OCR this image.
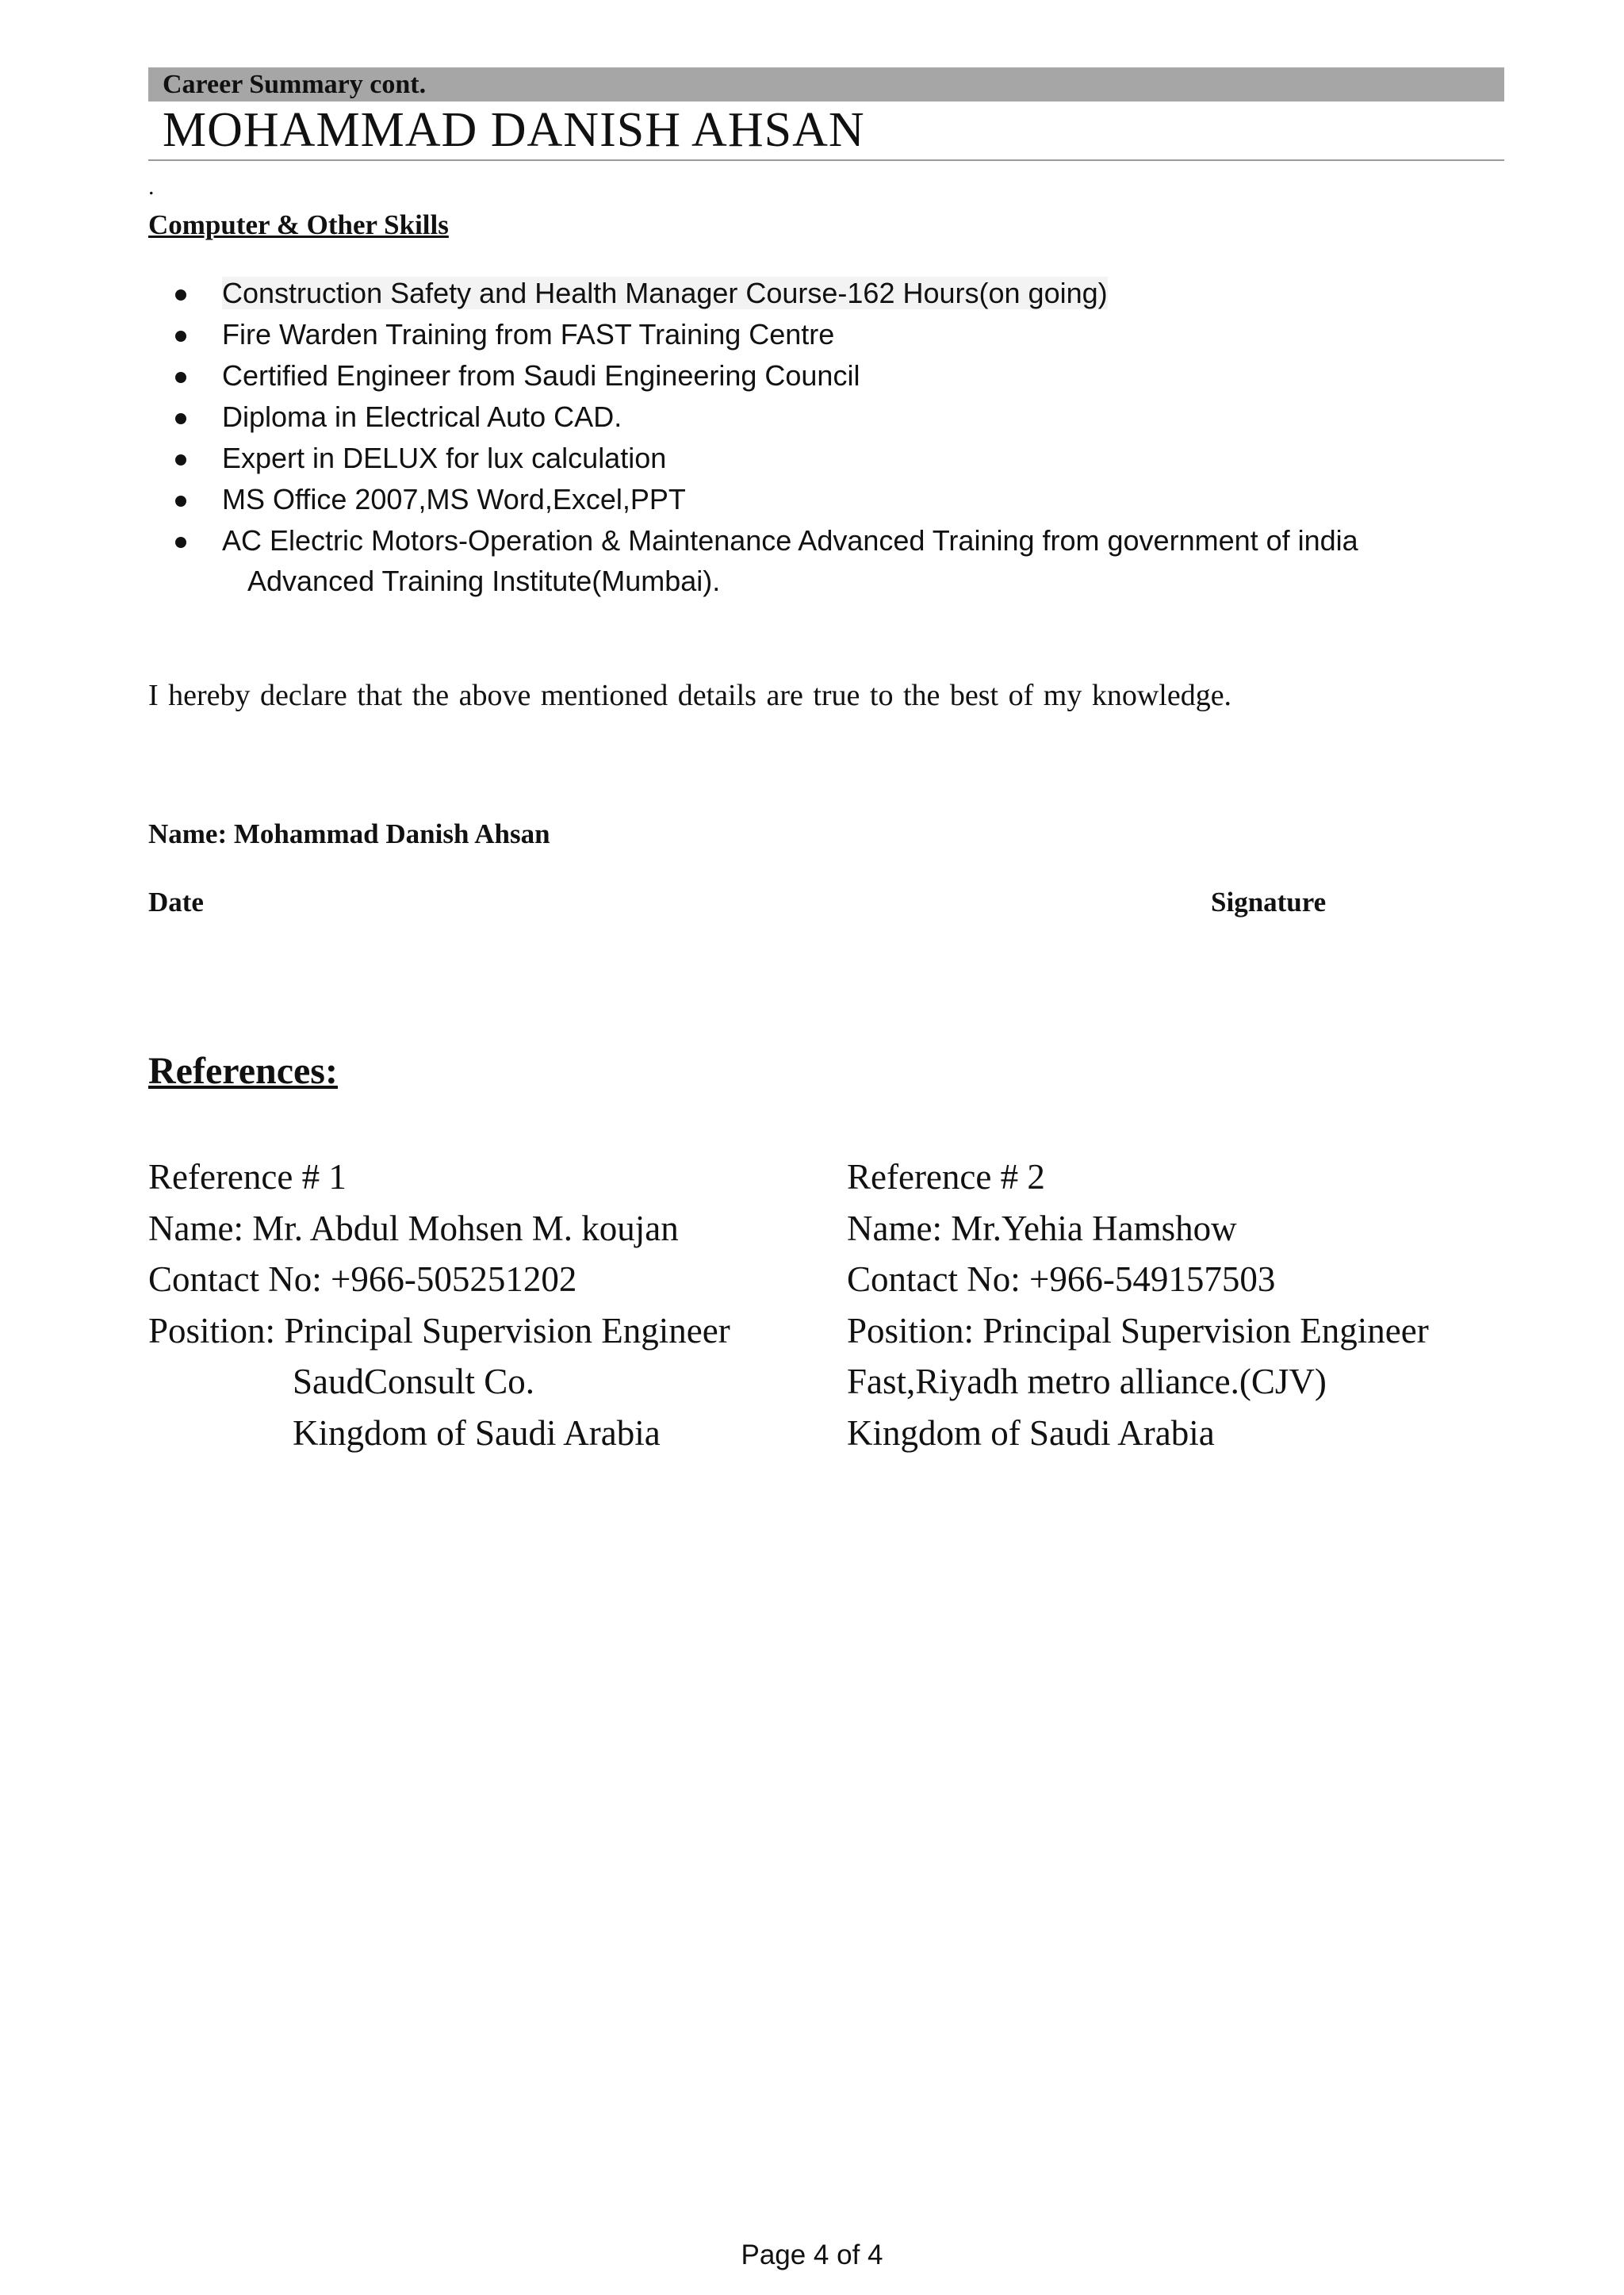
Career Summary cont.
MOHAMMAD DANISH AHSAN
.
Computer & Other Skills
Construction Safety and Health Manager Course-162 Hours(on going)
Fire Warden Training from FAST Training Centre
Certified Engineer from Saudi Engineering Council
Diploma in Electrical Auto CAD.
Expert in DELUX for lux calculation
MS Office 2007,MS Word,Excel,PPT
AC Electric Motors-Operation & Maintenance Advanced Training from government of india
Advanced Training Institute(Mumbai).
I hereby declare that the above mentioned details are true to the best of my knowledge.
Name: Mohammad Danish Ahsan
Date	Signature
References:
Reference # 1
Name: Mr. Abdul Mohsen M. koujan
Contact No: +966-505251202
Position: Principal Supervision Engineer
SaudConsult Co.
Kingdom of Saudi Arabia
Reference # 2
Name: Mr.Yehia Hamshow
Contact No: +966-549157503
Position: Principal Supervision Engineer
Fast,Riyadh metro alliance.(CJV)
Kingdom of Saudi Arabia
Page 4 of 4
